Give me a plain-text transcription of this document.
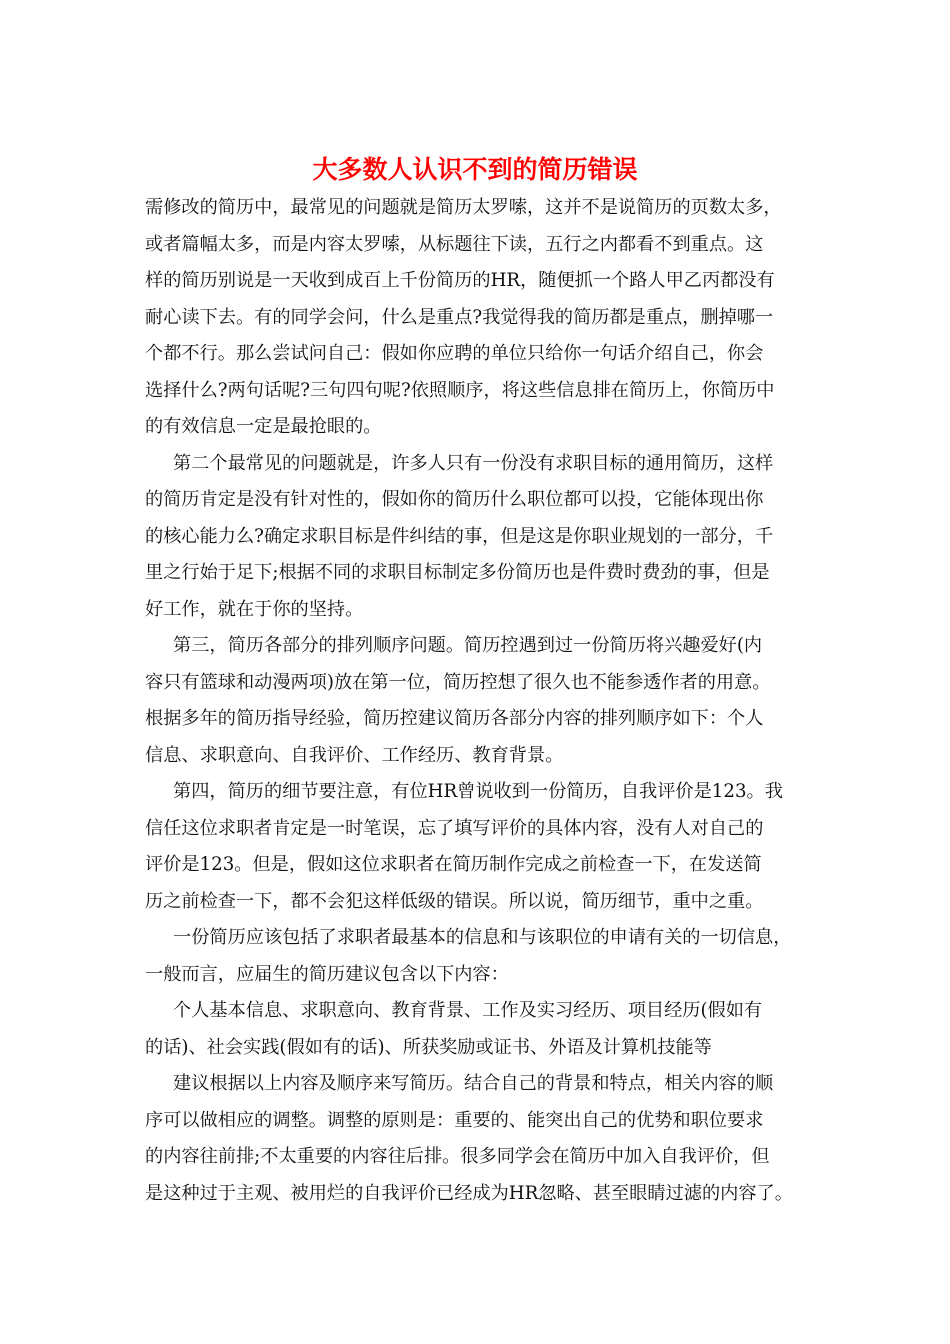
大多数人认识不到的简历错误
需修改的简历中，最常见的问题就是简历太罗嗦，这并不是说简历的页数太多，
或者篇幅太多，而是内容太罗嗦，从标题往下读，五行之内都看不到重点。这
样的简历别说是一天收到成百上千份简历的HR，随便抓一个路人甲乙丙都没有
耐心读下去。有的同学会问，什么是重点?我觉得我的简历都是重点，删掉哪一
个都不行。那么尝试问自己：假如你应聘的单位只给你一句话介绍自己，你会
选择什么?两句话呢?三句四句呢?依照顺序，将这些信息排在简历上，你简历中
的有效信息一定是最抢眼的。
第二个最常见的问题就是，许多人只有一份没有求职目标的通用简历，这样
的简历肯定是没有针对性的，假如你的简历什么职位都可以投，它能体现出你
的核心能力么?确定求职目标是件纠结的事，但是这是你职业规划的一部分，千
里之行始于足下;根据不同的求职目标制定多份简历也是件费时费劲的事，但是
好工作，就在于你的坚持。
第三，简历各部分的排列顺序问题。简历控遇到过一份简历将兴趣爱好(内
容只有篮球和动漫两项)放在第一位，简历控想了很久也不能参透作者的用意。
根据多年的简历指导经验，简历控建议简历各部分内容的排列顺序如下：个人
信息、求职意向、自我评价、工作经历、教育背景。
第四，简历的细节要注意，有位HR曾说收到一份简历，自我评价是123。我
信任这位求职者肯定是一时笔误，忘了填写评价的具体内容，没有人对自己的
评价是123。但是，假如这位求职者在简历制作完成之前检查一下，在发送简
历之前检查一下，都不会犯这样低级的错误。所以说，简历细节，重中之重。
一份简历应该包括了求职者最基本的信息和与该职位的申请有关的一切信息，
一般而言，应届生的简历建议包含以下内容：
个人基本信息、求职意向、教育背景、工作及实习经历、项目经历(假如有
的话)、社会实践(假如有的话)、所获奖励或证书、外语及计算机技能等
建议根据以上内容及顺序来写简历。结合自己的背景和特点，相关内容的顺
序可以做相应的调整。调整的原则是：重要的、能突出自己的优势和职位要求
的内容往前排;不太重要的内容往后排。很多同学会在简历中加入自我评价，但
是这种过于主观、被用烂的自我评价已经成为HR忽略、甚至眼睛过滤的内容了。
